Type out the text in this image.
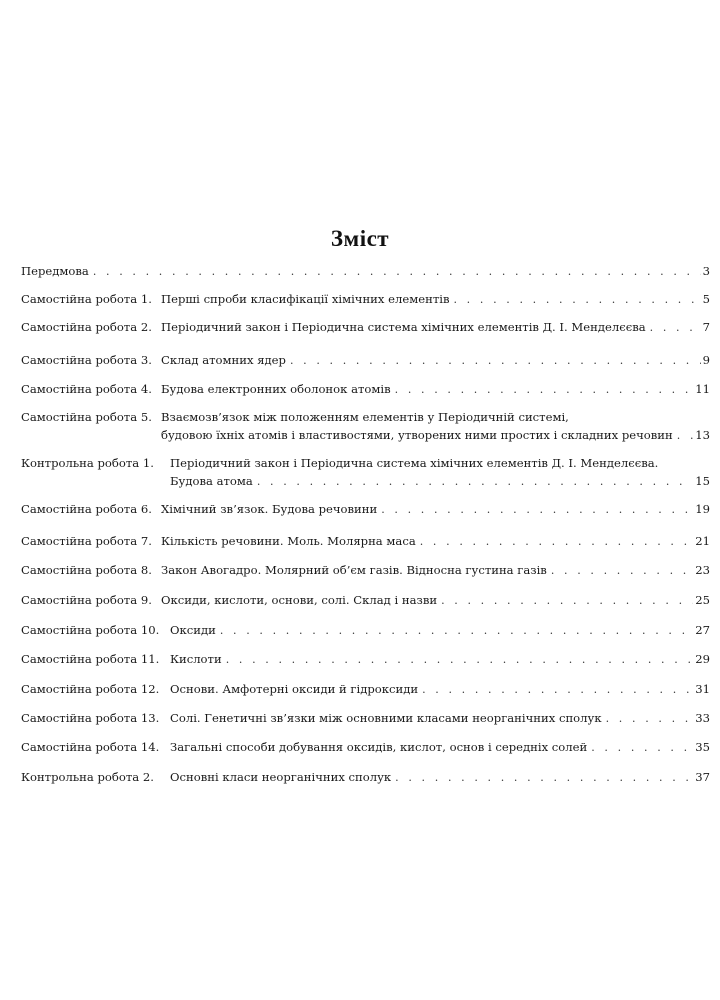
Зміст
Передмова . . .	3
Самостійна робота 1. Перші спроби класифікації хімічних елементів . . .	5
Самостійна робота 2. Періодичний закон і Періодична система хімічних елементів Д. І. Менделєєва . . .	7
Самостійна робота 3. Склад атомних ядер . . .	9
Самостійна робота 4. Будова електронних оболонок атомів . . .	11
Самостійна робота 5. Взаємозв’язок між положенням елементів у Періодичній системі,
будовою їхніх атомів і властивостями, утворених ними простих і складних речовин . . .	13
Контрольна робота 1. Періодичний закон і Періодична система хімічних елементів Д. І. Менделєєва.
Будова атома . . .	15
Самостійна робота 6. Хімічний зв’язок. Будова речовини . . .	19
Самостійна робота 7. Кількість речовини. Моль. Молярна маса . . .	21
Самостійна робота 8. Закон Авогадро. Молярний об’єм газів. Відносна густина газів . . .	23
Самостійна робота 9. Оксиди, кислоти, основи, солі. Склад і назви . . .	25
Самостійна робота 10. Оксиди . . .	27
Самостійна робота 11. Кислоти . . .	29
Самостійна робота 12. Основи. Амфотерні оксиди й гідроксиди . . .	31
Самостійна робота 13. Солі. Генетичні зв’язки між основними класами неорганічних сполук . . .	33
Самостійна робота 14. Загальні способи добування оксидів, кислот, основ і середніх солей . . .	35
Контрольна робота 2. Основні класи неорганічних сполук . . .	37
